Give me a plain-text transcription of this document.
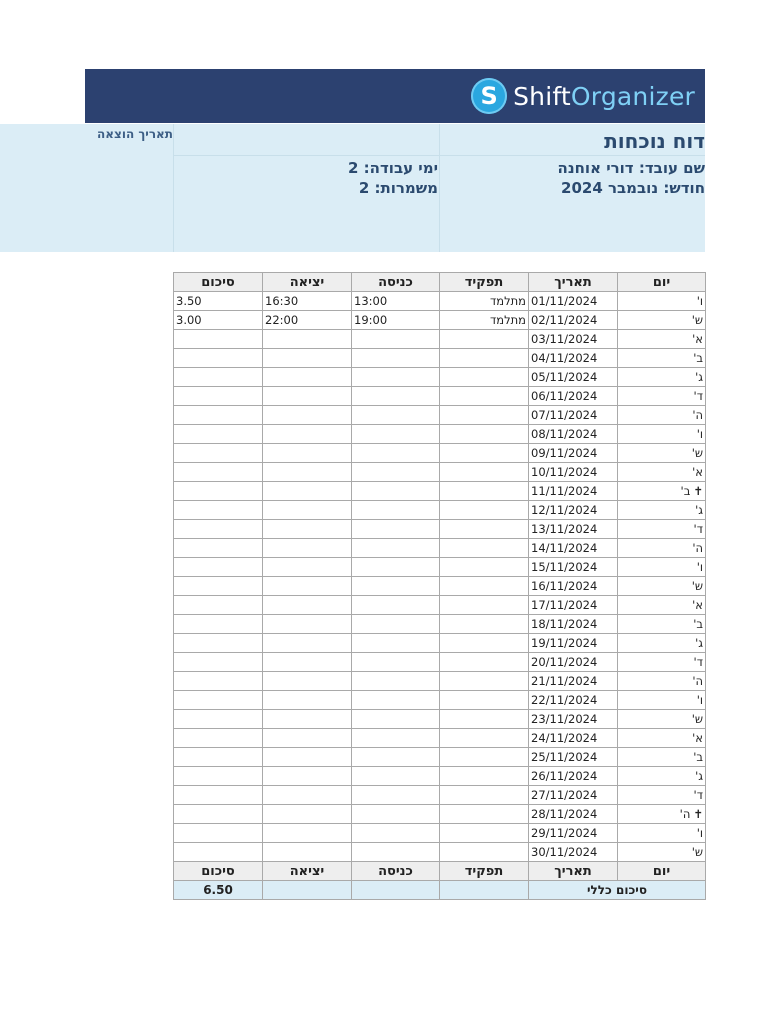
S ShiftOrganizer
תאריך הוצאה	דוח נוכחות
שם עובד: דורי אוחנה
חודש: נובמבר 2024
ימי עבודה: 2
משמרות: 2
יום	תאריך	תפקיד	כניסה	יציאה	סיכום
ו'	01/11/2024	מתלמד	13:00	16:30	3.50
ש'	02/11/2024	מתלמד	19:00	22:00	3.00
א'	03/11/2024				
ב'	04/11/2024				
ג'	05/11/2024				
ד'	06/11/2024				
ה'	07/11/2024				
ו'	08/11/2024				
ש'	09/11/2024				
א'	10/11/2024				
✝ב'	11/11/2024				
ג'	12/11/2024				
ד'	13/11/2024				
ה'	14/11/2024				
ו'	15/11/2024				
ש'	16/11/2024				
א'	17/11/2024				
ב'	18/11/2024				
ג'	19/11/2024				
ד'	20/11/2024				
ה'	21/11/2024				
ו'	22/11/2024				
ש'	23/11/2024				
א'	24/11/2024				
ב'	25/11/2024				
ג'	26/11/2024				
ד'	27/11/2024				
✝ה'	28/11/2024				
ו'	29/11/2024				
ש'	30/11/2024				
יום	תאריך	תפקיד	כניסה	יציאה	סיכום
סיכום כללי					6.50
